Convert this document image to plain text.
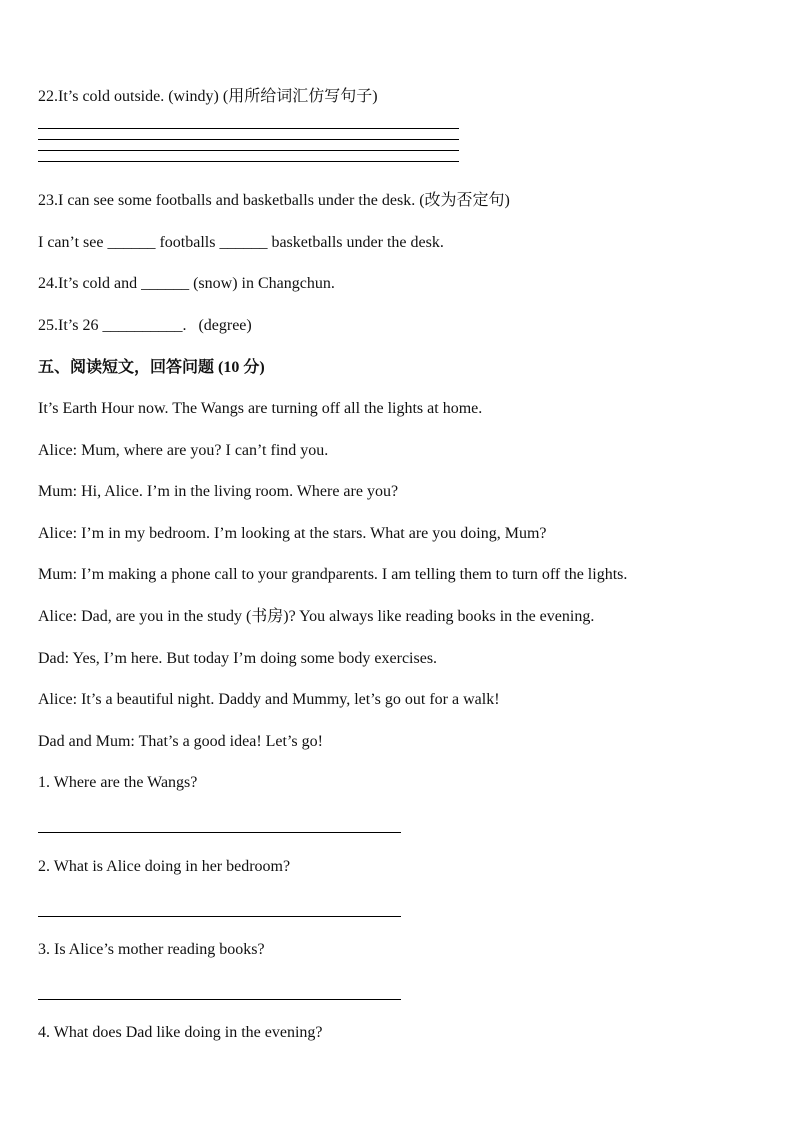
22.It’s cold outside. (windy) (用所给词汇仿写句子)
23.I can see some footballs and basketballs under the desk. (改为否定句)
I can’t see ______ footballs ______ basketballs under the desk.
24.It’s cold and ______ (snow) in Changchun.
25.It’s 26 __________.   (degree)
五、阅读短文，回答问题 (10 分)
It’s Earth Hour now. The Wangs are turning off all the lights at home.
Alice: Mum, where are you? I can’t find you.
Mum: Hi, Alice. I’m in the living room. Where are you?
Alice: I’m in my bedroom. I’m looking at the stars. What are you doing, Mum?
Mum: I’m making a phone call to your grandparents. I am telling them to turn off the lights.
Alice: Dad, are you in the study (书房)? You always like reading books in the evening.
Dad: Yes, I’m here. But today I’m doing some body exercises.
Alice: It’s a beautiful night. Daddy and Mummy, let’s go out for a walk!
Dad and Mum: That’s a good idea! Let’s go!
1. Where are the Wangs?
2. What is Alice doing in her bedroom?
3. Is Alice’s mother reading books?
4. What does Dad like doing in the evening?
